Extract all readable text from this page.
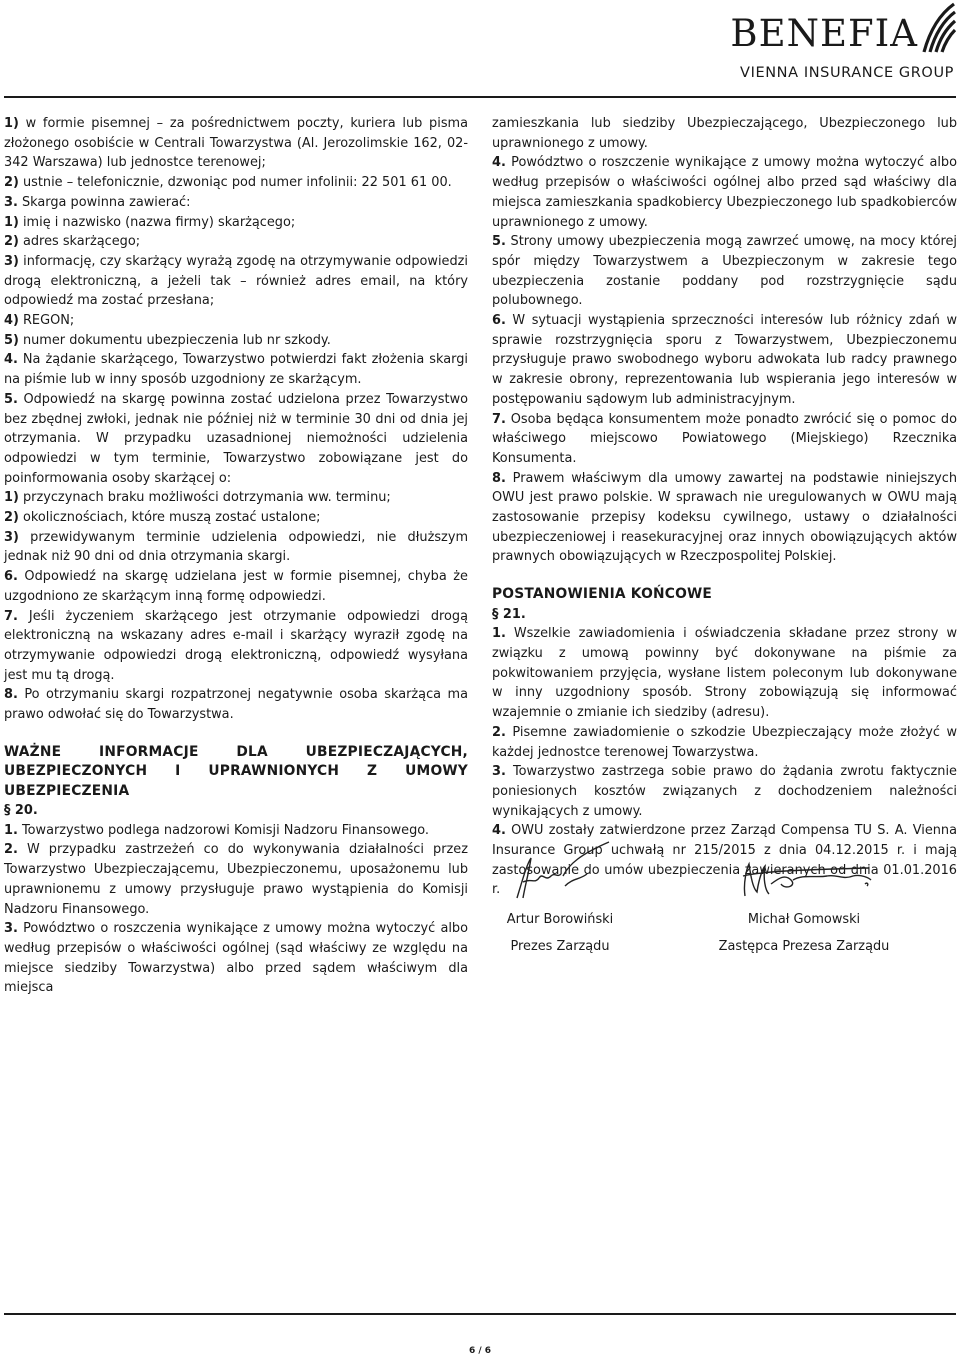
BENEFIA
VIENNA INSURANCE GROUP

1) w formie pisemnej – za pośrednictwem poczty, kuriera lub pisma złożonego osobiście w Centrali Towarzystwa (Al. Jerozolimskie 162, 02-342 Warszawa) lub jednostce terenowej;

2) ustnie – telefonicznie, dzwoniąc pod numer infolinii: 22 501 61 00.

3. Skarga powinna zawierać:

1) imię i nazwisko (nazwa firmy) skarżącego;

2) adres skarżącego;

3) informację, czy skarżący wyrażą zgodę na otrzymywanie odpowiedzi drogą elektroniczną, a jeżeli tak – również adres email, na który odpowiedź ma zostać przesłana;

4) REGON;

5) numer dokumentu ubezpieczenia lub nr szkody.

4. Na żądanie skarżącego, Towarzystwo potwierdzi fakt złożenia skargi na piśmie lub w inny sposób uzgodniony ze skarżącym.

5. Odpowiedź na skargę powinna zostać udzielona przez Towarzystwo bez zbędnej zwłoki, jednak nie później niż w terminie 30 dni od dnia jej otrzymania. W przypadku uzasadnionej niemożności udzielenia odpowiedzi w tym terminie, Towarzystwo zobowiązane jest do poinformowania osoby skarżącej o:

1) przyczynach braku możliwości dotrzymania ww. terminu;

2) okolicznościach, które muszą zostać ustalone;

3) przewidywanym terminie udzielenia odpowiedzi, nie dłuższym jednak niż 90 dni od dnia otrzymania skargi.

6. Odpowiedź na skargę udzielana jest w formie pisemnej, chyba że uzgodniono ze skarżącym inną formę odpowiedzi.

7. Jeśli życzeniem skarżącego jest otrzymanie odpowiedzi drogą elektroniczną na wskazany adres e-mail i skarżący wyraził zgodę na otrzymywanie odpowiedzi drogą elektroniczną, odpowiedź wysyłana jest mu tą drogą.

8. Po otrzymaniu skargi rozpatrzonej negatywnie osoba skarżąca ma prawo odwołać się do Towarzystwa.

WAŻNE INFORMACJE DLA UBEZPIECZAJĄCYCH, UBEZPIECZONYCH I UPRAWNIONYCH Z UMOWY UBEZPIECZENIA

§ 20.

1. Towarzystwo podlega nadzorowi Komisji Nadzoru Finansowego.

2. W przypadku zastrzeżeń co do wykonywania działalności przez Towarzystwo Ubezpieczającemu, Ubezpieczonemu, uposażonemu lub uprawnionemu z umowy przysługuje prawo wystąpienia do Komisji Nadzoru Finansowego.

3. Powództwo o roszczenia wynikające z umowy można wytoczyć albo według przepisów o właściwości ogólnej (sąd właściwy ze względu na miejsce siedziby Towarzystwa) albo przed sądem właściwym dla miejsca

zamieszkania lub siedziby Ubezpieczającego, Ubezpieczonego lub uprawnionego z umowy.

4. Powództwo o roszczenie wynikające z umowy można wytoczyć albo według przepisów o właściwości ogólnej albo przed sąd właściwy dla miejsca zamieszkania spadkobiercy Ubezpieczonego lub spadkobierców uprawnionego z umowy.

5. Strony umowy ubezpieczenia mogą zawrzeć umowę, na mocy której spór między Towarzystwem a Ubezpieczonym w zakresie tego ubezpieczenia zostanie poddany pod rozstrzygnięcie sądu polubownego.

6. W sytuacji wystąpienia sprzeczności interesów lub różnicy zdań w sprawie rozstrzygnięcia sporu z Towarzystwem, Ubezpieczonemu przysługuje prawo swobodnego wyboru adwokata lub radcy prawnego w zakresie obrony, reprezentowania lub wspierania jego interesów w postępowaniu sądowym lub administracyjnym.

7. Osoba będąca konsumentem może ponadto zwrócić się o pomoc do właściwego miejscowo Powiatowego (Miejskiego) Rzecznika Konsumenta.

8. Prawem właściwym dla umowy zawartej na podstawie niniejszych OWU jest prawo polskie. W sprawach nie uregulowanych w OWU mają zastosowanie przepisy kodeksu cywilnego, ustawy o działalności ubezpieczeniowej i reasekuracyjnej oraz innych obowiązujących aktów prawnych obowiązujących w Rzeczpospolitej Polskiej.

POSTANOWIENIA KOŃCOWE

§ 21.

1. Wszelkie zawiadomienia i oświadczenia składane przez strony w związku z umową powinny być dokonywane na piśmie za pokwitowaniem przyjęcia, wysłane listem poleconym lub dokonywane w inny uzgodniony sposób. Strony zobowiązują się informować wzajemnie o zmianie ich siedziby (adresu).

2. Pisemne zawiadomienie o szkodzie Ubezpieczający może złożyć w każdej jednostce terenowej Towarzystwa.

3. Towarzystwo zastrzega sobie prawo do żądania zwrotu faktycznie poniesionych kosztów związanych z dochodzeniem należności wynikających z umowy.

4. OWU zostały zatwierdzone przez Zarząd Compensa TU S. A. Vienna Insurance Group uchwałą nr 215/2015 z dnia 04.12.2015 r. i mają zastosowanie do umów ubezpieczenia zawieranych od dnia 01.01.2016 r.

Artur Borowiński
Prezes Zarządu
Michał Gomowski
Zastępca Prezesa Zarządu
6 / 6
